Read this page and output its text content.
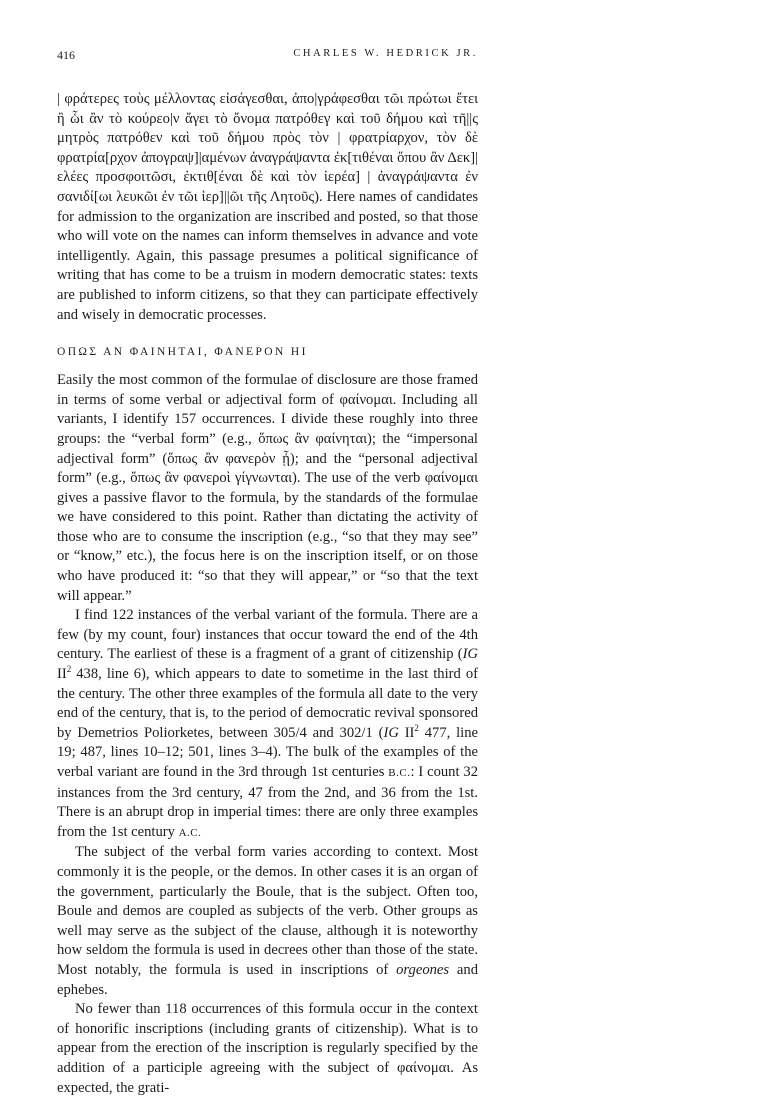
416	CHARLES W. HEDRICK JR.

| φράτερες τοὺς μέλλοντας εἰσάγεσθαι, ἀπο|γράφεσθαι τῶι πρώτωι ἔτει ἢ ὧι ἂν τὸ κούρεο|ν ἄγει τὸ ὄνομα πατρόθεγ καὶ τοῦ δήμου καὶ τῆ||ς μητρὸς πατρόθεν καὶ τοῦ δήμου πρὸς τὸν | φρατρίαρχον, τὸν δὲ φρατρία[ρχον ἀπογραψ]|αμένων ἀναγράψαντα ἐκ[τιθέναι ὅπου ἂν Δεκ]|ελέες προσφοιτῶσι, ἐκτιθ[έναι δὲ καὶ τὸν ἱερέα] | ἀναγράψαντα ἐν σανιδί[ωι λευκῶι ἐν τῶι ἱερ]||ῶι τῆς Λητοῦς). Here names of candidates for admission to the organization are inscribed and posted, so that those who will vote on the names can inform themselves in advance and vote intelligently. Again, this passage presumes a political significance of writing that has come to be a truism in modern democratic states: texts are published to inform citizens, so that they can participate effectively and wisely in democratic processes.

ΟΠΩΣ ΑΝ ΦΑΙΝΗΤΑΙ, ΦΑΝΕΡΟΝ ΗΙ

Easily the most common of the formulae of disclosure are those framed in terms of some verbal or adjectival form of φαίνομαι. Including all variants, I identify 157 occurrences. I divide these roughly into three groups: the “verbal form” (e.g., ὅπως ἂν φαίνηται); the “impersonal adjectival form” (ὅπως ἂν φανερὸν ᾖ); and the “personal adjectival form” (e.g., ὅπως ἂν φανεροὶ γίγνωνται). The use of the verb φαίνομαι gives a passive flavor to the formula, by the standards of the formulae we have considered to this point. Rather than dictating the activity of those who are to consume the inscription (e.g., “so that they may see” or “know,” etc.), the focus here is on the inscription itself, or on those who have produced it: “so that they will appear,” or “so that the text will appear.”

I find 122 instances of the verbal variant of the formula. There are a few (by my count, four) instances that occur toward the end of the 4th century. The earliest of these is a fragment of a grant of citizenship (IG $II^2$ 438, line 6), which appears to date to sometime in the last third of the century. The other three examples of the formula all date to the very end of the century, that is, to the period of democratic revival sponsored by Demetrios Poliorketes, between 305/4 and 302/1 (IG $II^2$ 477, line 19; 487, lines 10–12; 501, lines 3–4). The bulk of the examples of the verbal variant are found in the 3rd through 1st centuries B.C.: I count 32 instances from the 3rd century, 47 from the 2nd, and 36 from the 1st. There is an abrupt drop in imperial times: there are only three examples from the 1st century A.C.

The subject of the verbal form varies according to context. Most commonly it is the people, or the demos. In other cases it is an organ of the government, particularly the Boule, that is the subject. Often too, Boule and demos are coupled as subjects of the verb. Other groups as well may serve as the subject of the clause, although it is noteworthy how seldom the formula is used in decrees other than those of the state. Most notably, the formula is used in inscriptions of orgeones and ephebes.

No fewer than 118 occurrences of this formula occur in the context of honorific inscriptions (including grants of citizenship). What is to appear from the erection of the inscription is regularly specified by the addition of a participle agreeing with the subject of φαίνομαι. As expected, the grati-
